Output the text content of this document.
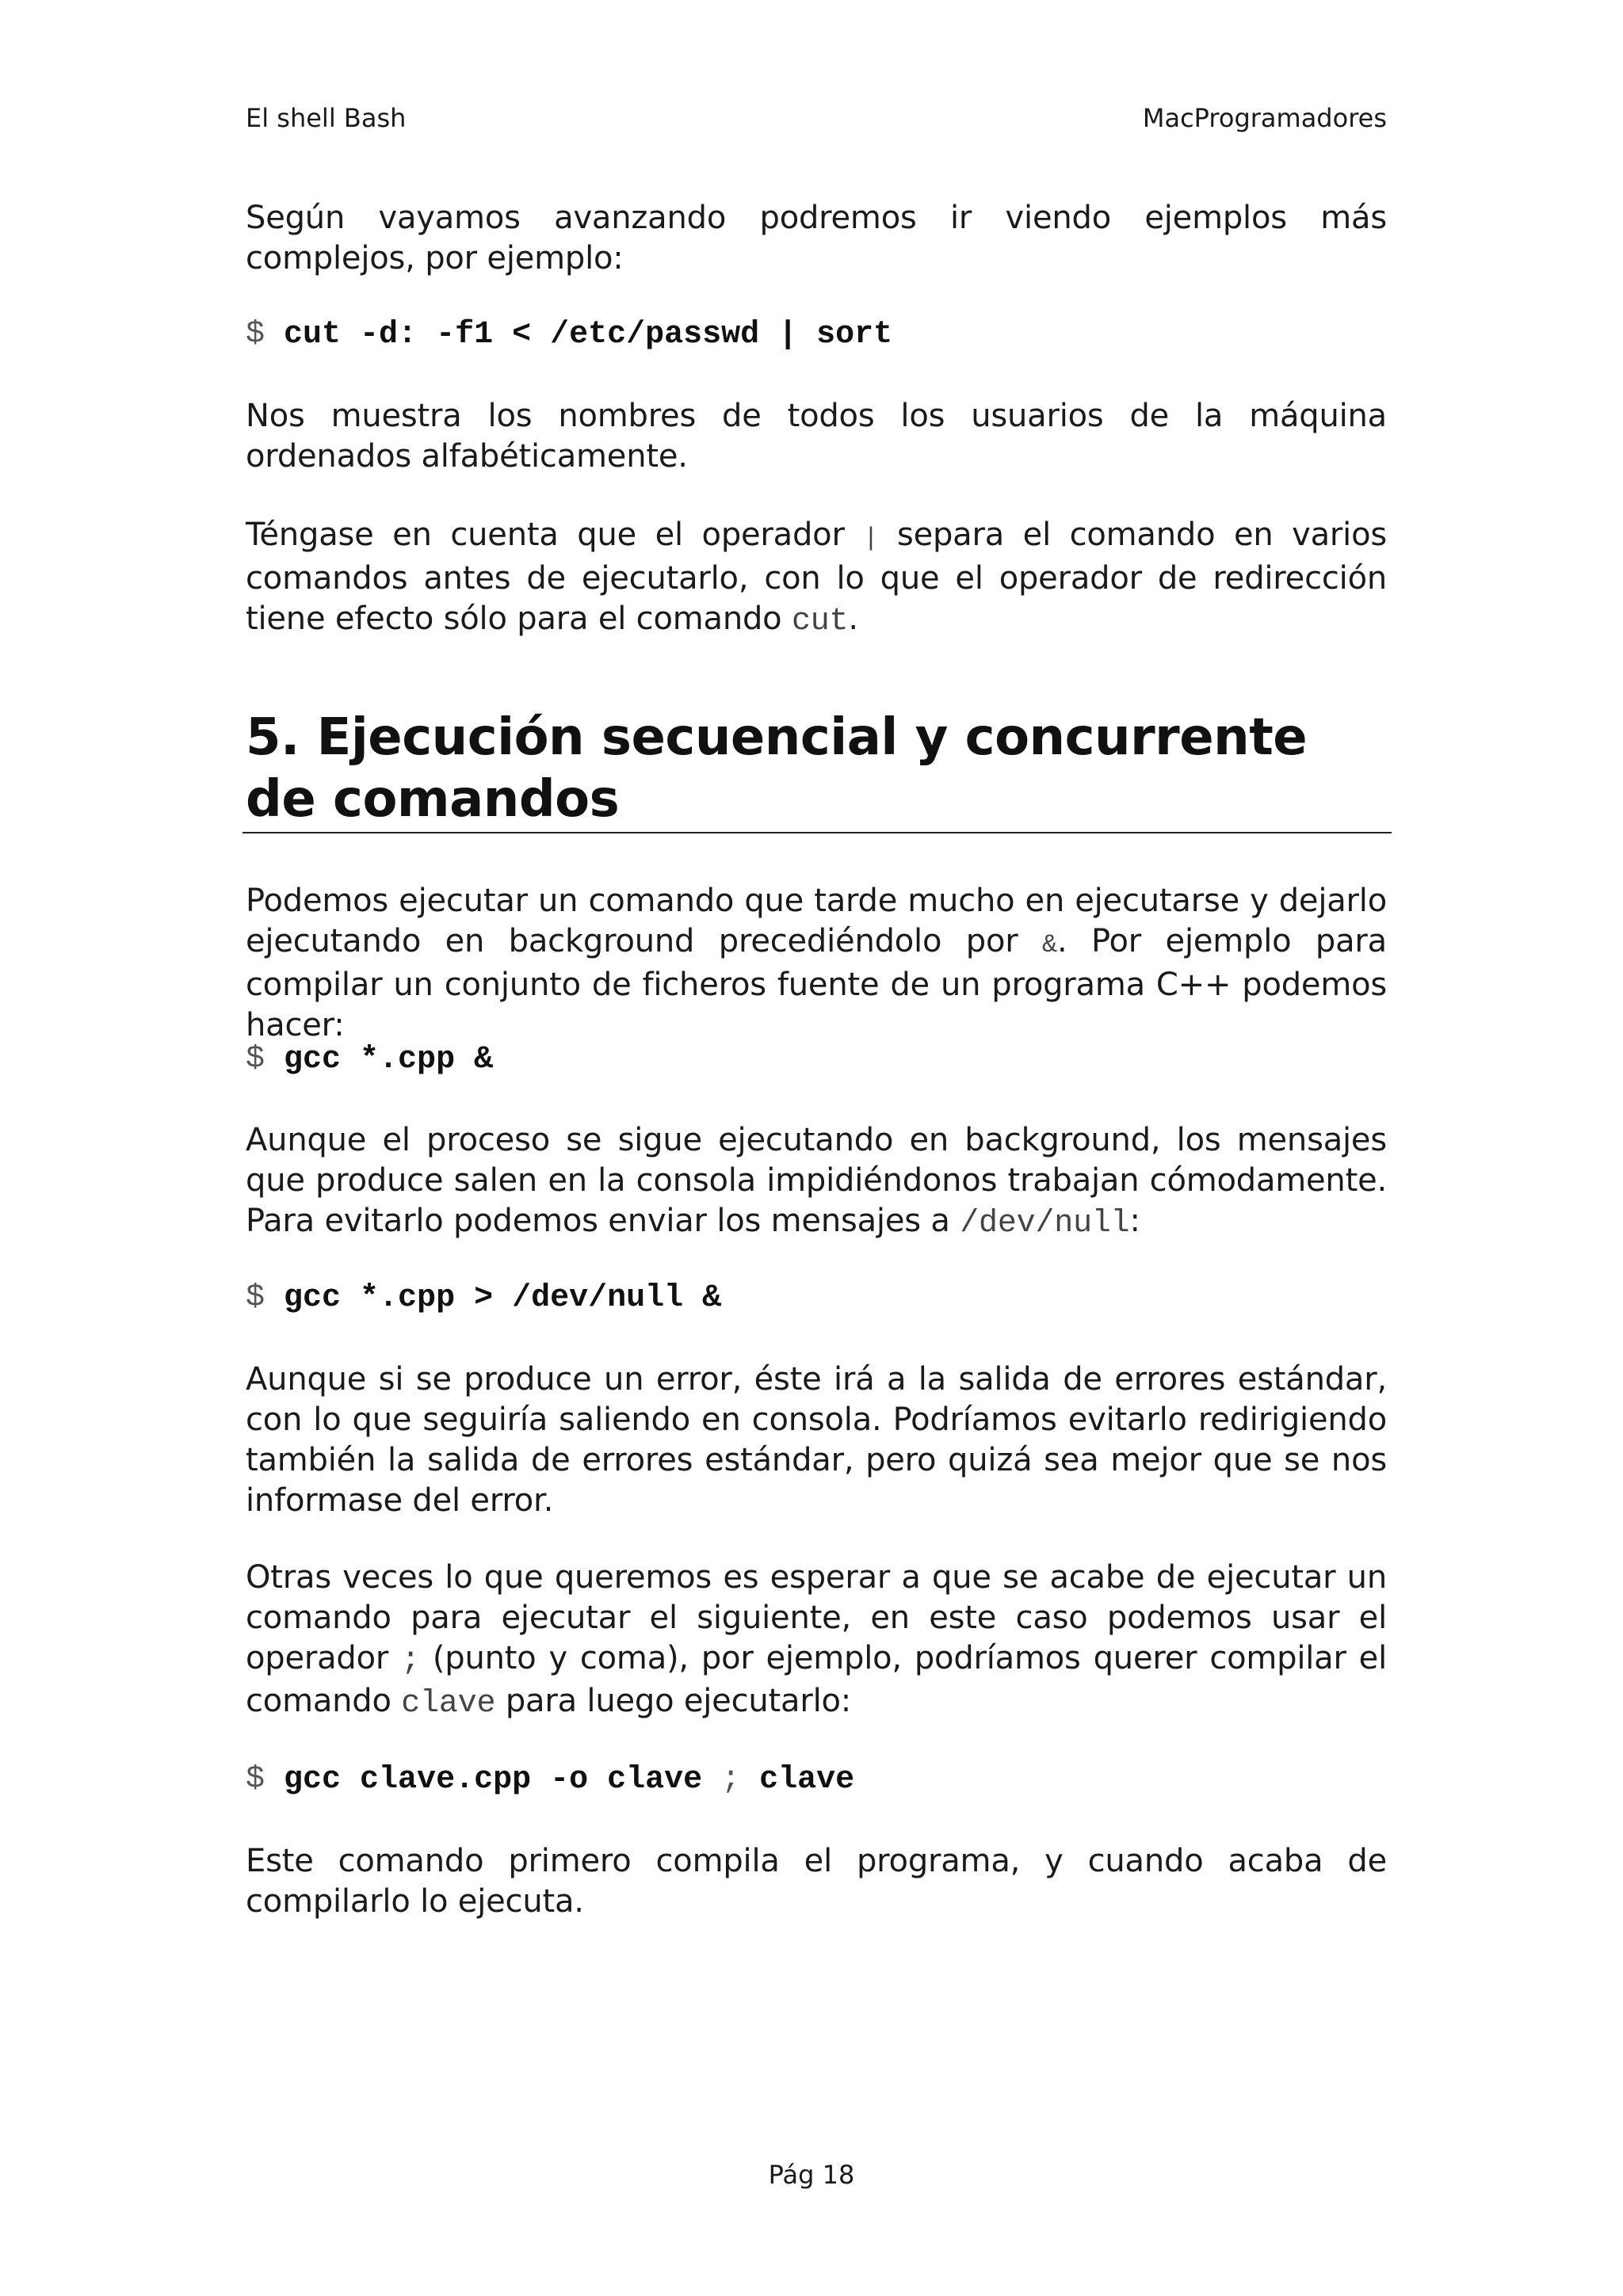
El shell Bash	MacProgramadores

Según vayamos avanzando podremos ir viendo ejemplos más complejos, por ejemplo:

$ cut -d: -f1 < /etc/passwd | sort

Nos muestra los nombres de todos los usuarios de la máquina ordenados alfabéticamente.

Téngase en cuenta que el operador | separa el comando en varios comandos antes de ejecutarlo, con lo que el operador de redirección tiene efecto sólo para el comando cut.

5. Ejecución secuencial y concurrente de comandos

Podemos ejecutar un comando que tarde mucho en ejecutarse y dejarlo ejecutando en background precediéndolo por &. Por ejemplo para compilar un conjunto de ficheros fuente de un programa C++ podemos hacer:

$ gcc *.cpp &

Aunque el proceso se sigue ejecutando en background, los mensajes que produce salen en la consola impidiéndonos trabajan cómodamente. Para evitarlo podemos enviar los mensajes a /dev/null:

$ gcc *.cpp > /dev/null &

Aunque si se produce un error, éste irá a la salida de errores estándar, con lo que seguiría saliendo en consola. Podríamos evitarlo redirigiendo también la salida de errores estándar, pero quizá sea mejor que se nos informase del error.

Otras veces lo que queremos es esperar a que se acabe de ejecutar un comando para ejecutar el siguiente, en este caso podemos usar el operador ; (punto y coma), por ejemplo, podríamos querer compilar el comando clave para luego ejecutarlo:

$ gcc clave.cpp -o clave ; clave

Este comando primero compila el programa, y cuando acaba de compilarlo lo ejecuta.

Pág 18
